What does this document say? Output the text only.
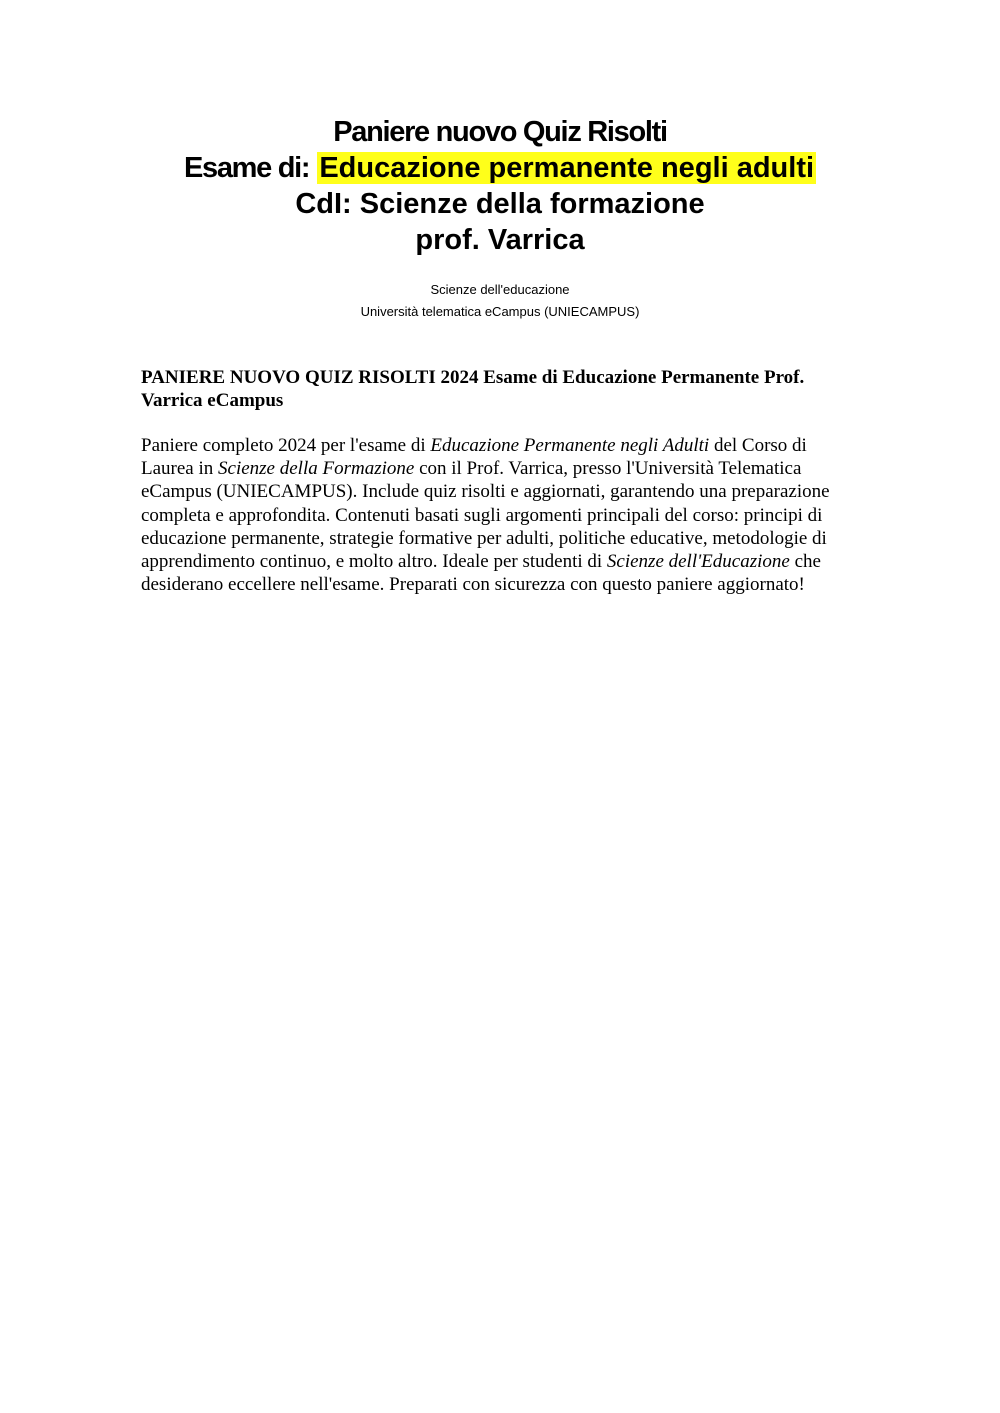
Paniere nuovo Quiz Risolti
Esame di: Educazione permanente negli adulti
CdI: Scienze della formazione
prof. Varrica
Scienze dell'educazione
Università telematica eCampus (UNIECAMPUS)

PANIERE NUOVO QUIZ RISOLTI 2024 Esame di Educazione Permanente Prof. Varrica eCampus

Paniere completo 2024 per l'esame di Educazione Permanente negli Adulti del Corso di Laurea in Scienze della Formazione con il Prof. Varrica, presso l'Università Telematica eCampus (UNIECAMPUS). Include quiz risolti e aggiornati, garantendo una preparazione completa e approfondita. Contenuti basati sugli argomenti principali del corso: principi di educazione permanente, strategie formative per adulti, politiche educative, metodologie di apprendimento continuo, e molto altro. Ideale per studenti di Scienze dell'Educazione che desiderano eccellere nell'esame. Preparati con sicurezza con questo paniere aggiornato!
